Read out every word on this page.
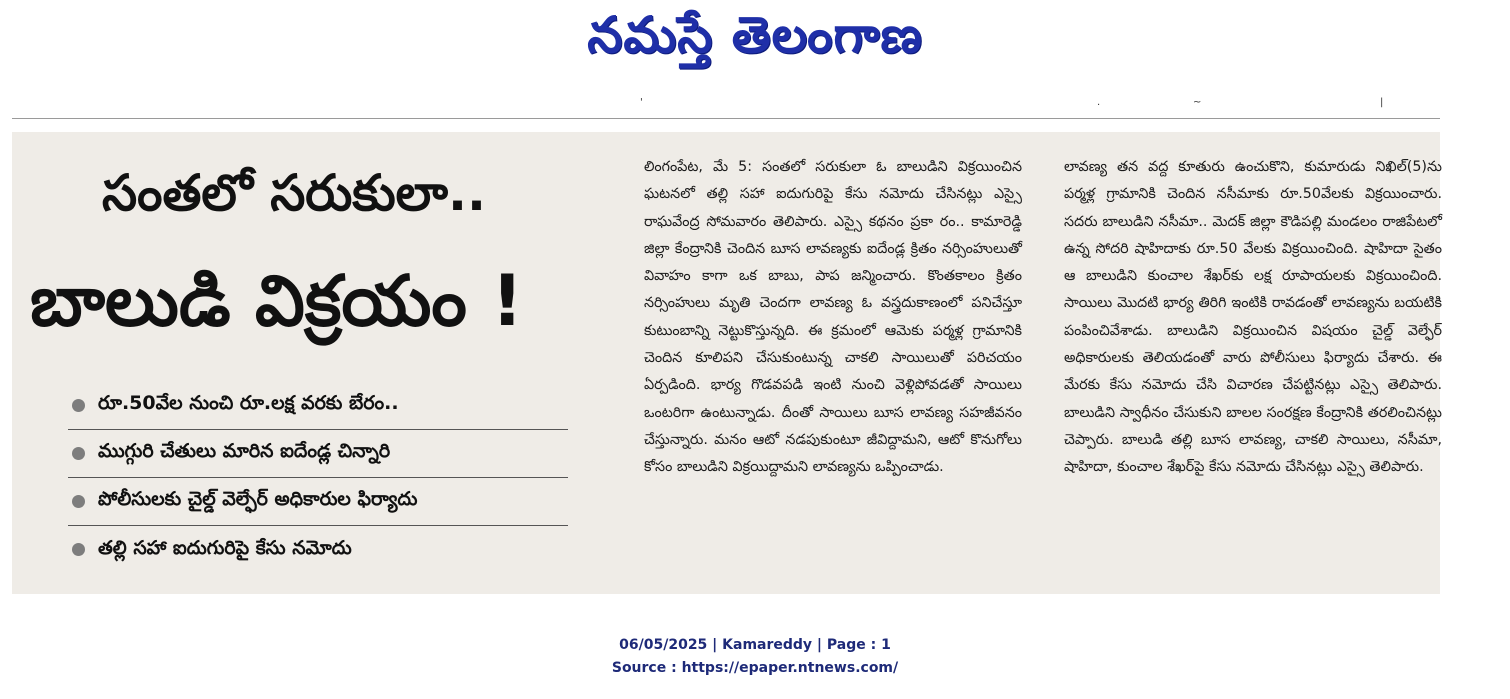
నమస్తే తెలంగాణ
'	.	~	|
సంతలో సరుకులా..
బాలుడి విక్రయం !
రూ.50వేల నుంచి రూ.లక్ష వరకు బేరం..
ముగ్గురి చేతులు మారిన ఐదేండ్ల చిన్నారి
పోలీసులకు చైల్డ్ వెల్ఫేర్ అధికారుల ఫిర్యాదు
తల్లి సహా ఐదుగురిపై కేసు నమోదు
లింగంపేట, మే 5: సంతలో సరుకులా ఓ బాలుడిని విక్రయించిన ఘటనలో తల్లి సహా ఐదుగురిపై కేసు నమోదు చేసినట్లు ఎస్సై రాఘవేంద్ర సోమవారం తెలిపారు. ఎస్సై కథనం ప్రకా రం.. కామారెడ్డి జిల్లా కేంద్రానికి చెందిన బూస లావణ్యకు ఐదేండ్ల క్రితం నర్సింహులుతో వివాహం కాగా ఒక బాబు, పాప జన్మించారు. కొంతకాలం క్రితం నర్సింహులు మృతి చెందగా లావణ్య ఓ వస్త్రదుకాణంలో పనిచేస్తూ కుటుంబాన్ని నెట్టుకొస్తున్నది. ఈ క్రమంలో ఆమెకు పర్మళ్ల గ్రామానికి చెందిన కూలిపని చేసుకుంటున్న చాకలి సాయిలుతో పరిచయం ఏర్పడింది. భార్య గొడవపడి ఇంటి నుంచి వెళ్లిపోవడతో సాయిలు ఒంటరిగా ఉంటున్నాడు. దీంతో సాయిలు బూస లావణ్య సహజీవనం చేస్తున్నారు. మనం ఆటో నడపుకుంటూ జీవిద్దామని, ఆటో కొనుగోలు కోసం బాలుడిని విక్రయిద్దామని లావణ్యను ఒప్పించాడు.
లావణ్య తన వద్ద కూతురు ఉంచుకొని, కుమారుడు నిఖిల్(5)ను పర్మళ్ల గ్రామానికి చెందిన నసీమాకు రూ.50వేలకు విక్రయించారు. సదరు బాలుడిని నసీమా.. మెదక్ జిల్లా కౌడిపల్లి మండలం రాజిపేటలో ఉన్న సోదరి షాహిదాకు రూ.50 వేలకు విక్రయించింది. షాహిదా సైతం ఆ బాలుడిని కుంచాల శేఖర్‌కు లక్ష రూపాయలకు విక్రయించింది. సాయిలు మొదటి భార్య తిరిగి ఇంటికి రావడంతో లావణ్యను బయటికి పంపించివేశాడు. బాలుడిని విక్రయించిన విషయం చైల్డ్ వెల్ఫేర్ అధికారులకు తెలియడంతో వారు పోలీసులు ఫిర్యాదు చేశారు. ఈ మేరకు కేసు నమోదు చేసి విచారణ చేపట్టినట్లు ఎస్సై తెలిపారు. బాలుడిని స్వాధీనం చేసుకుని బాలల సంరక్షణ కేంద్రానికి తరలించినట్లు చెప్పారు. బాలుడి తల్లి బూస లావణ్య, చాకలి సాయిలు, నసీమా, షాహిదా, కుంచాల శేఖర్‌పై కేసు నమోదు చేసినట్లు ఎస్సై తెలిపారు.
06/05/2025 | Kamareddy | Page : 1
Source : https://epaper.ntnews.com/
